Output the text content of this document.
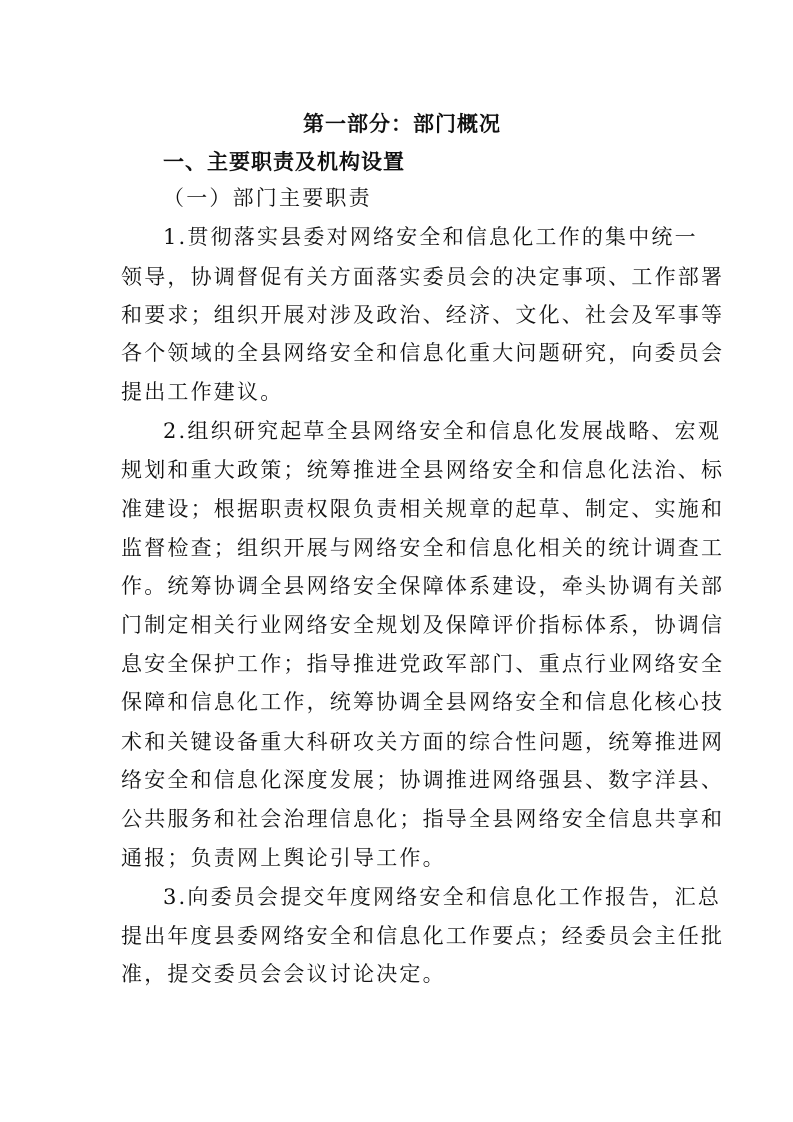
第一部分：部门概况
一、主要职责及机构设置
（一）部门主要职责
1.贯彻落实县委对网络安全和信息化工作的集中统一
领导，协调督促有关方面落实委员会的决定事项、工作部署
和要求；组织开展对涉及政治、经济、文化、社会及军事等
各个领域的全县网络安全和信息化重大问题研究，向委员会
提出工作建议。
2.组织研究起草全县网络安全和信息化发展战略、宏观
规划和重大政策；统筹推进全县网络安全和信息化法治、标
准建设；根据职责权限负责相关规章的起草、制定、实施和
监督检查；组织开展与网络安全和信息化相关的统计调查工
作。统筹协调全县网络安全保障体系建设，牵头协调有关部
门制定相关行业网络安全规划及保障评价指标体系，协调信
息安全保护工作；指导推进党政军部门、重点行业网络安全
保障和信息化工作，统筹协调全县网络安全和信息化核心技
术和关键设备重大科研攻关方面的综合性问题，统筹推进网
络安全和信息化深度发展；协调推进网络强县、数字洋县、
公共服务和社会治理信息化；指导全县网络安全信息共享和
通报；负责网上舆论引导工作。
3.向委员会提交年度网络安全和信息化工作报告，汇总
提出年度县委网络安全和信息化工作要点；经委员会主任批
准，提交委员会会议讨论决定。
